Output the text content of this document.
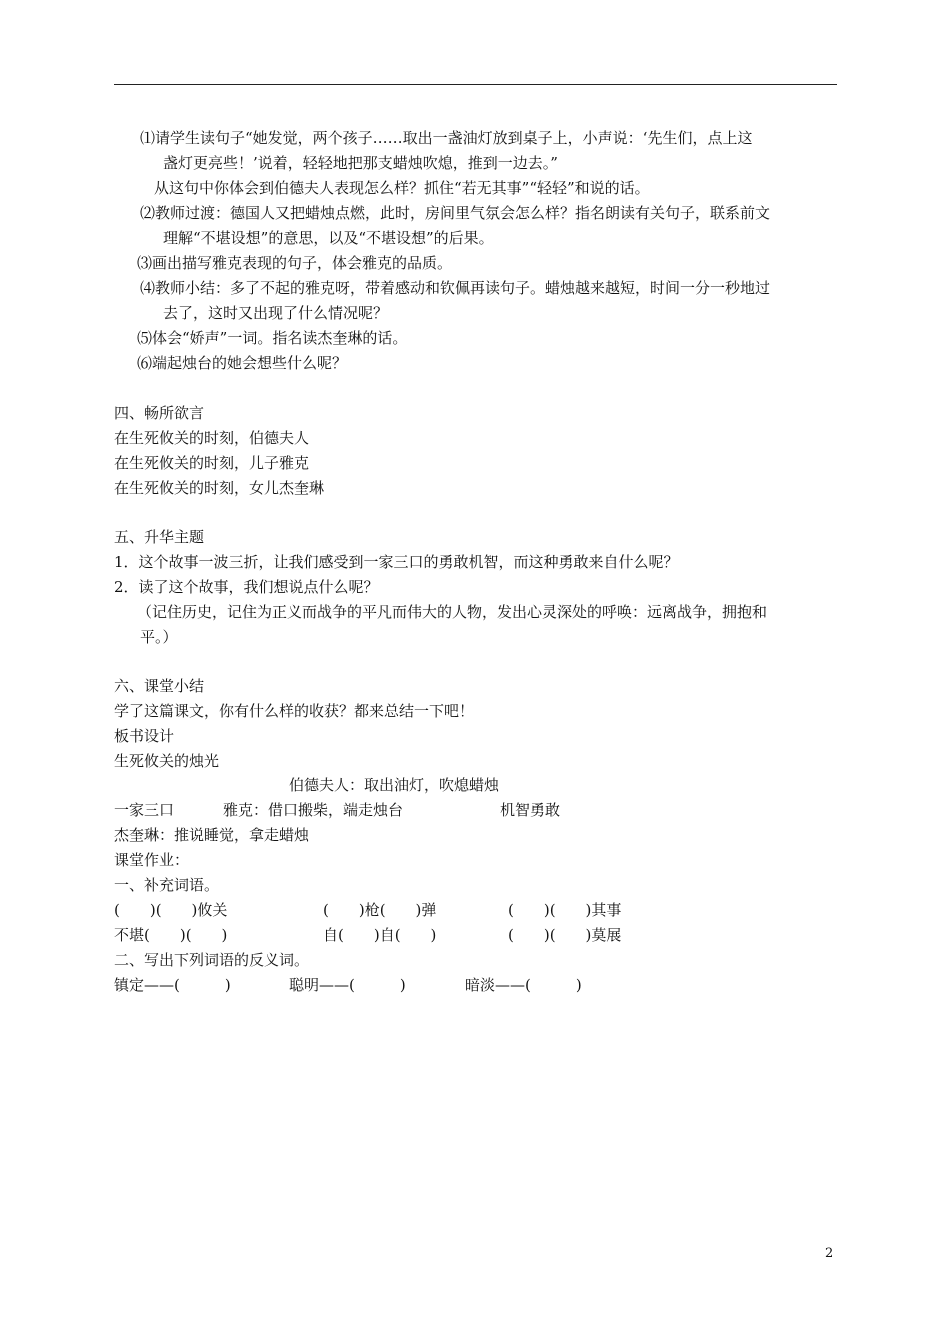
⑴请学生读句子“她发觉，两个孩子……取出一盏油灯放到桌子上，小声说：‘先生们，点上这
盏灯更亮些！’说着，轻轻地把那支蜡烛吹熄，推到一边去。”
从这句中你体会到伯德夫人表现怎么样？抓住“若无其事”“轻轻”和说的话。
⑵教师过渡：德国人又把蜡烛点燃，此时，房间里气氛会怎么样？指名朗读有关句子，联系前文
理解“不堪设想”的意思，以及“不堪设想”的后果。
⑶画出描写雅克表现的句子，体会雅克的品质。
⑷教师小结：多了不起的雅克呀，带着感动和钦佩再读句子。蜡烛越来越短，时间一分一秒地过
去了，这时又出现了什么情况呢？
⑸体会“娇声”一词。指名读杰奎琳的话。
⑹端起烛台的她会想些什么呢？
四、畅所欲言
在生死攸关的时刻，伯德夫人
在生死攸关的时刻，儿子雅克
在生死攸关的时刻，女儿杰奎琳
五、升华主题
1．这个故事一波三折，让我们感受到一家三口的勇敢机智，而这种勇敢来自什么呢？
2．读了这个故事，我们想说点什么呢？
（记住历史，记住为正义而战争的平凡而伟大的人物，发出心灵深处的呼唤：远离战争，拥抱和
平。）
六、课堂小结
学了这篇课文，你有什么样的收获？都来总结一下吧！
板书设计
生死攸关的烛光
伯德夫人：取出油灯，吹熄蜡烛
一家三口	雅克：借口搬柴，端走烛台	机智勇敢
杰奎琳：推说睡觉，拿走蜡烛
课堂作业：
一、补充词语。
(　　)(　　)攸关	(　　)枪(　　)弹	(　　)(　　)其事
不堪(　　)(　　)	自(　　)自(　　)	(　　)(　　)莫展
二、写出下列词语的反义词。
镇定——(　　　)	聪明——(　　　)	暗淡——(　　　)
2
